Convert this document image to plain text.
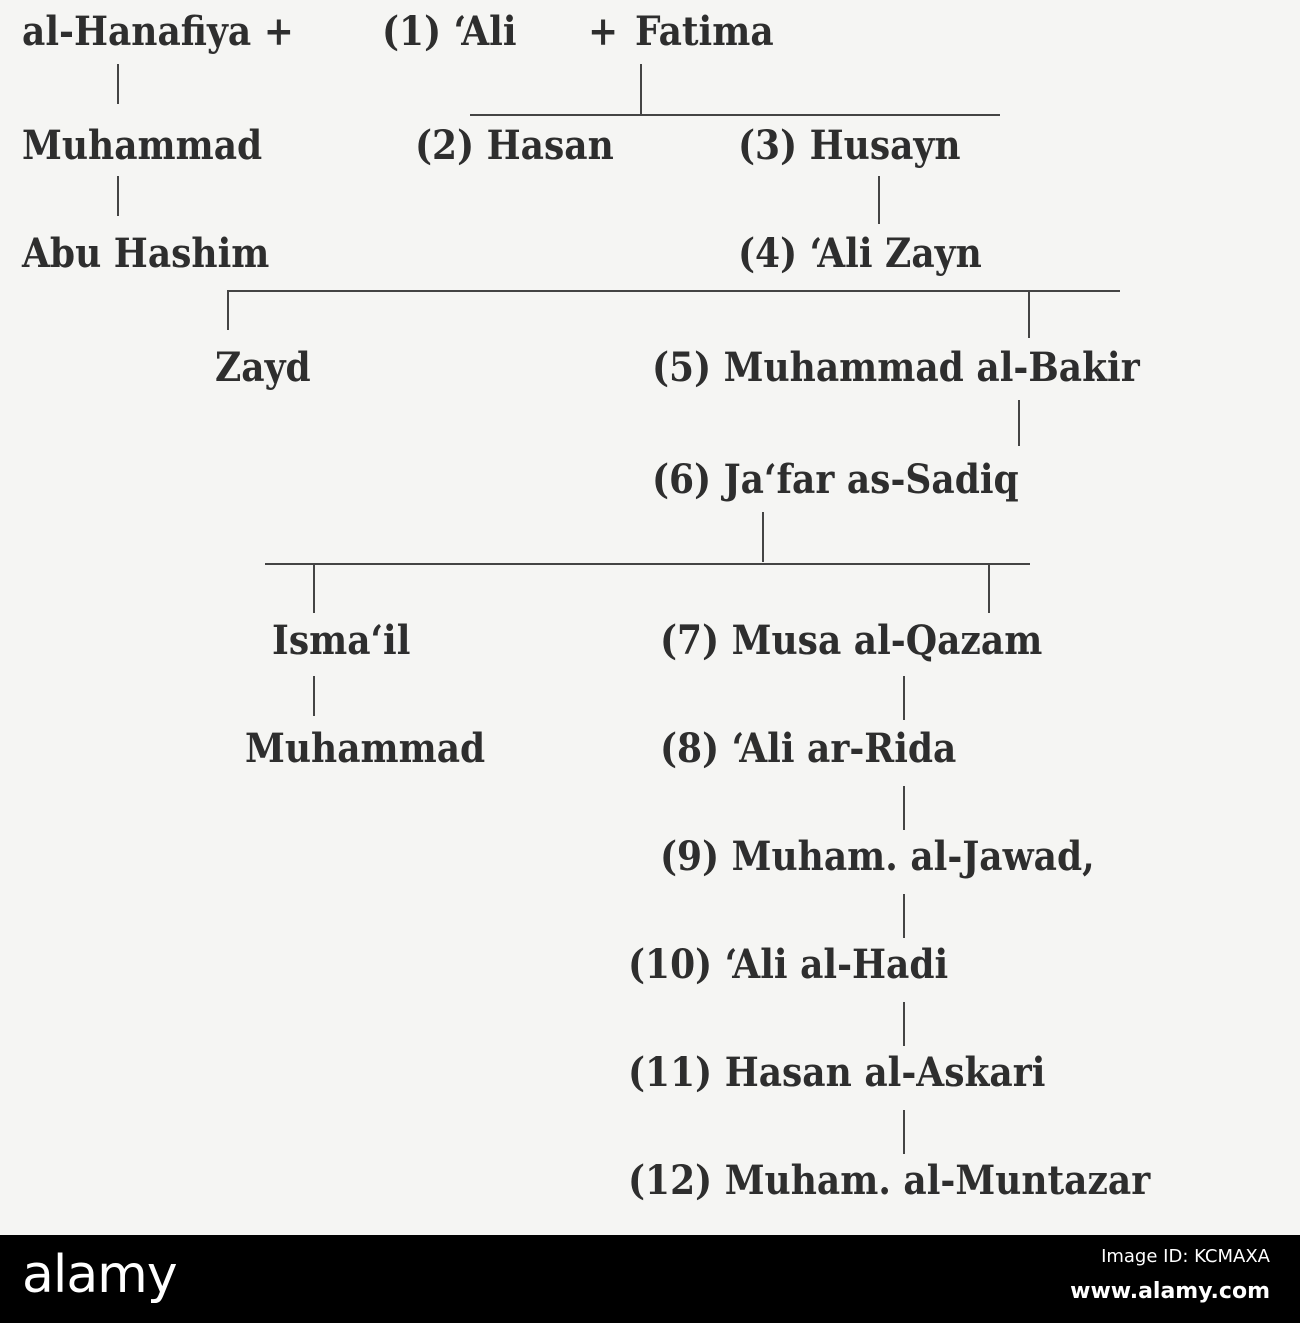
al-Hanafiya + (1) ‘Ali + Fatima
Muhammad	(2) Hasan	(3) Husayn
Abu Hashim	(4) ‘Ali Zayn
Zayd	(5) Muhammad al-Bakir
(6) Ja‘far as-Sadiq
Isma‘il	(7) Musa al-Qazam
Muhammad	(8) ‘Ali ar-Rida
(9) Muham. al-Jawad,
(10) ‘Ali al-Hadi
(11) Hasan al-Askari
(12) Muham. al-Muntazar
alamy	Image ID: KCMAXA
www.alamy.com
